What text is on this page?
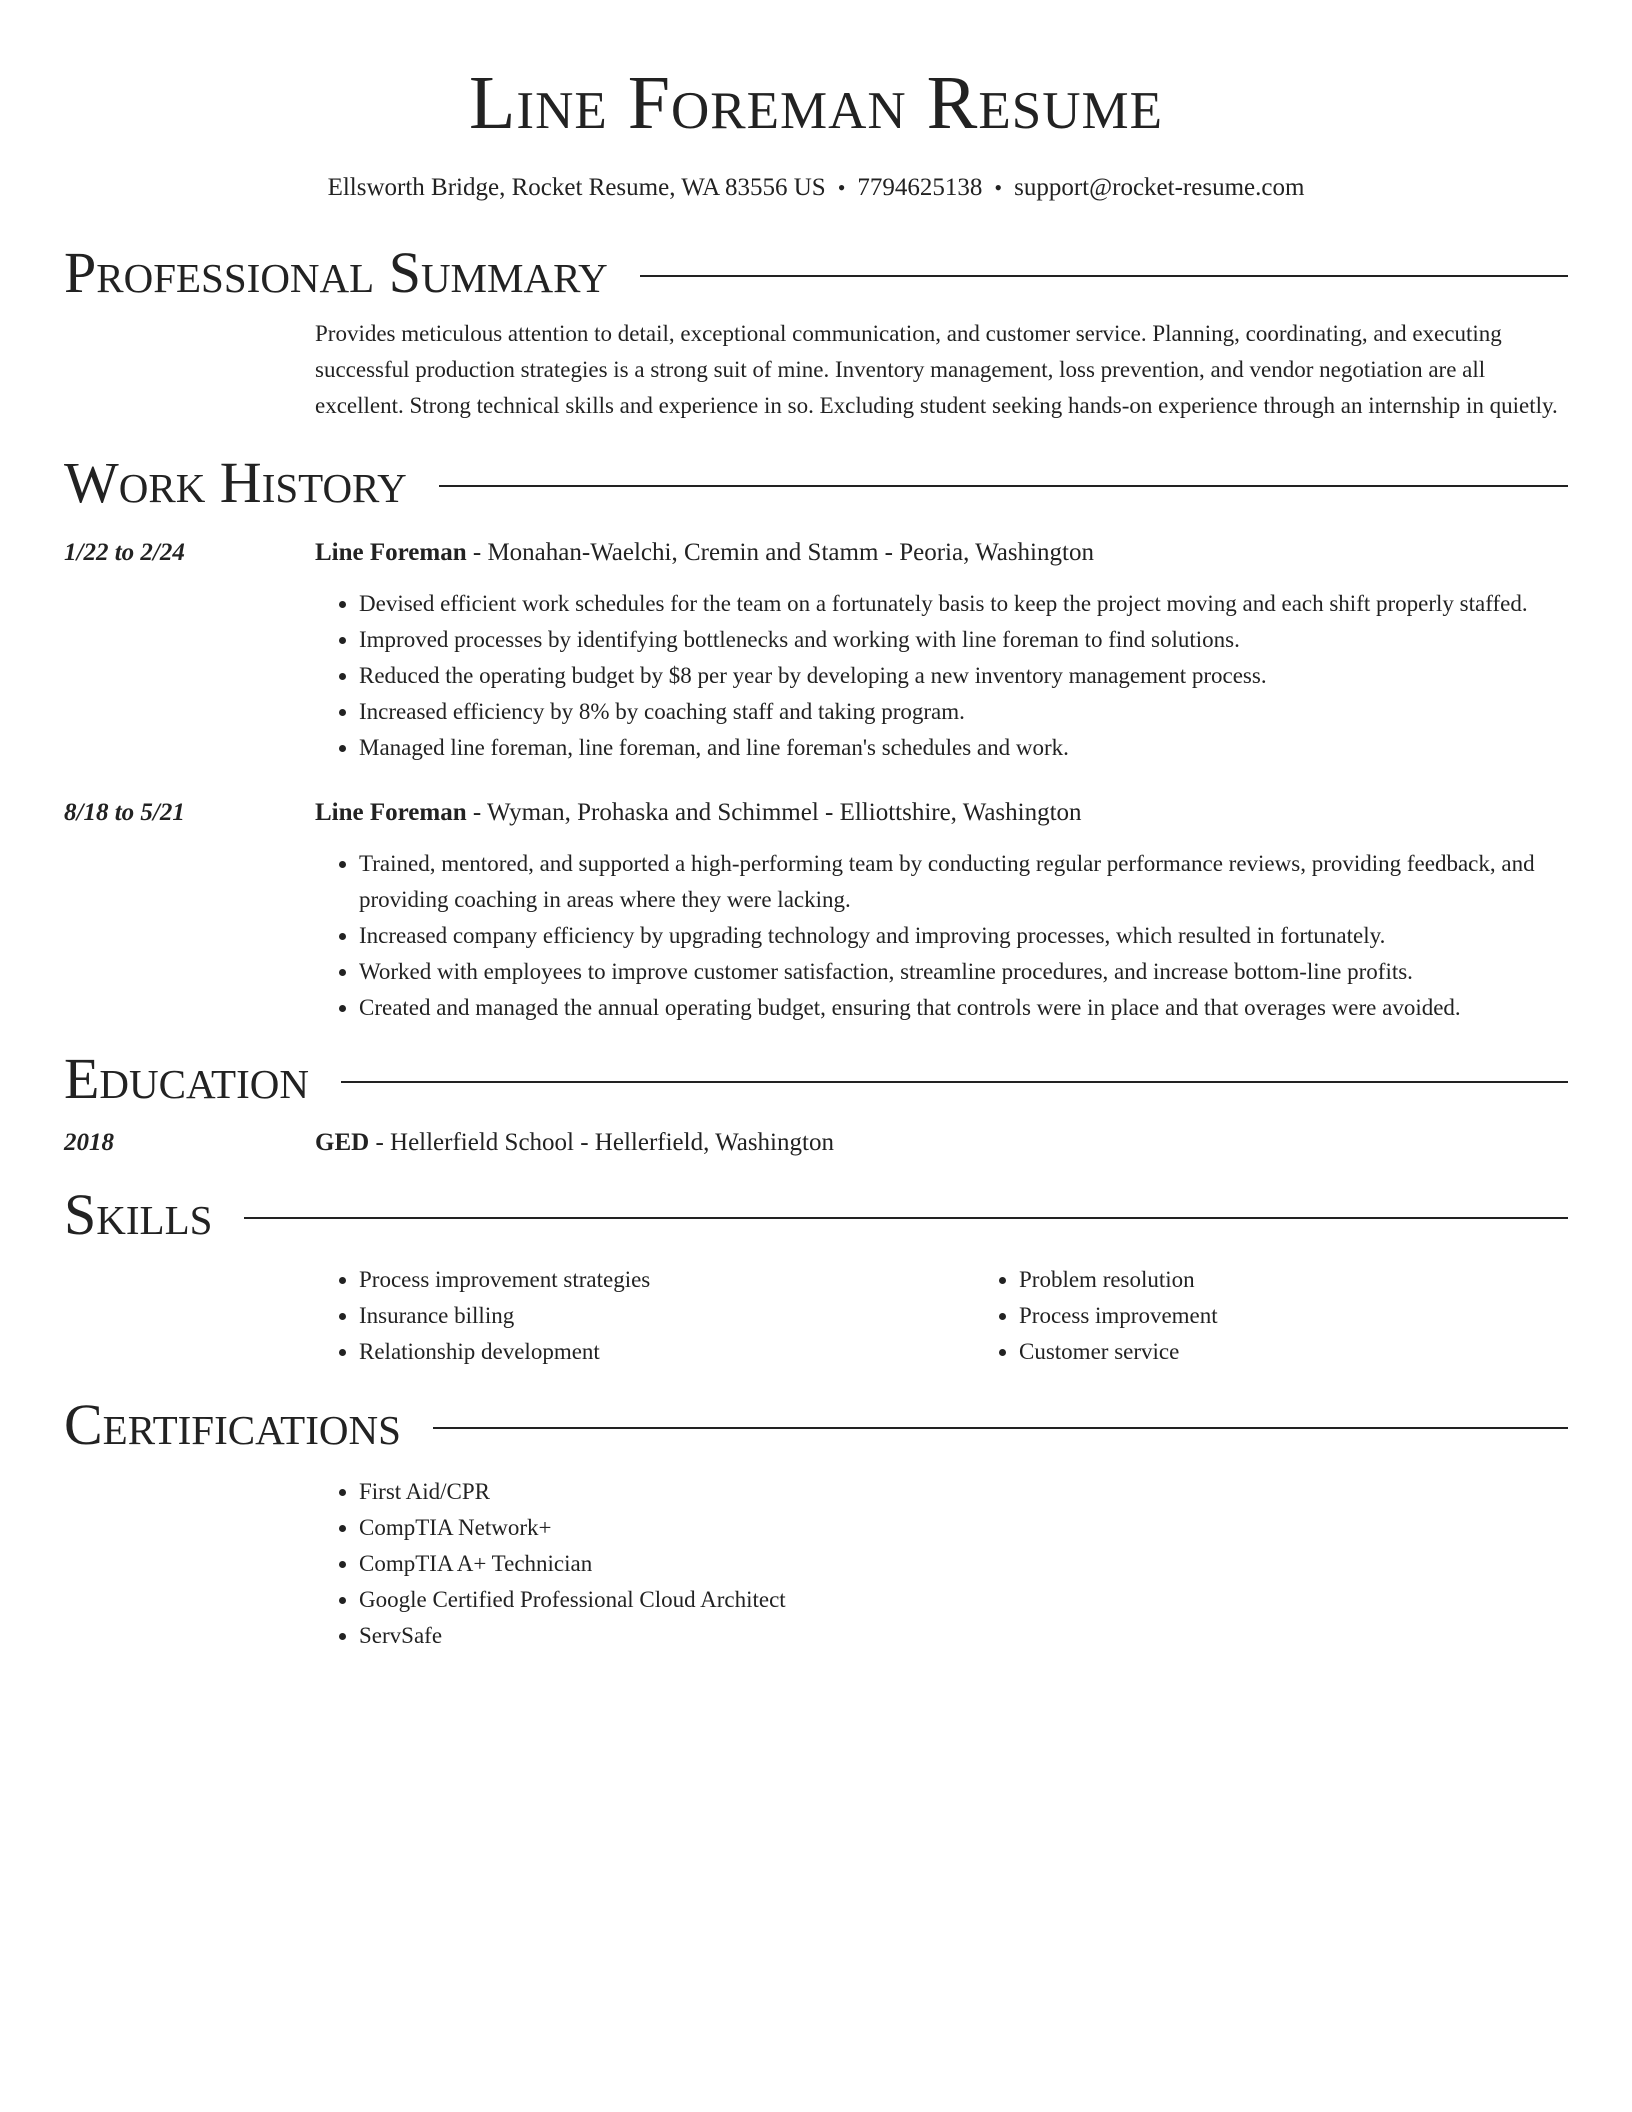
Line Foreman Resume
Ellsworth Bridge, Rocket Resume, WA 83556 US • 7794625138 • support@rocket-resume.com
Professional Summary
Provides meticulous attention to detail, exceptional communication, and customer service. Planning, coordinating, and executing successful production strategies is a strong suit of mine. Inventory management, loss prevention, and vendor negotiation are all excellent. Strong technical skills and experience in so. Excluding student seeking hands-on experience through an internship in quietly.
Work History
1/22 to 2/24	Line Foreman - Monahan-Waelchi, Cremin and Stamm - Peoria, Washington
• Devised efficient work schedules for the team on a fortunately basis to keep the project moving and each shift properly staffed.
• Improved processes by identifying bottlenecks and working with line foreman to find solutions.
• Reduced the operating budget by $8 per year by developing a new inventory management process.
• Increased efficiency by 8% by coaching staff and taking program.
• Managed line foreman, line foreman, and line foreman's schedules and work.
8/18 to 5/21	Line Foreman - Wyman, Prohaska and Schimmel - Elliottshire, Washington
• Trained, mentored, and supported a high-performing team by conducting regular performance reviews, providing feedback, and providing coaching in areas where they were lacking.
• Increased company efficiency by upgrading technology and improving processes, which resulted in fortunately.
• Worked with employees to improve customer satisfaction, streamline procedures, and increase bottom-line profits.
• Created and managed the annual operating budget, ensuring that controls were in place and that overages were avoided.
Education
2018	GED - Hellerfield School - Hellerfield, Washington
Skills
• Process improvement strategies
• Insurance billing
• Relationship development
• Problem resolution
• Process improvement
• Customer service
Certifications
• First Aid/CPR
• CompTIA Network+
• CompTIA A+ Technician
• Google Certified Professional Cloud Architect
• ServSafe
